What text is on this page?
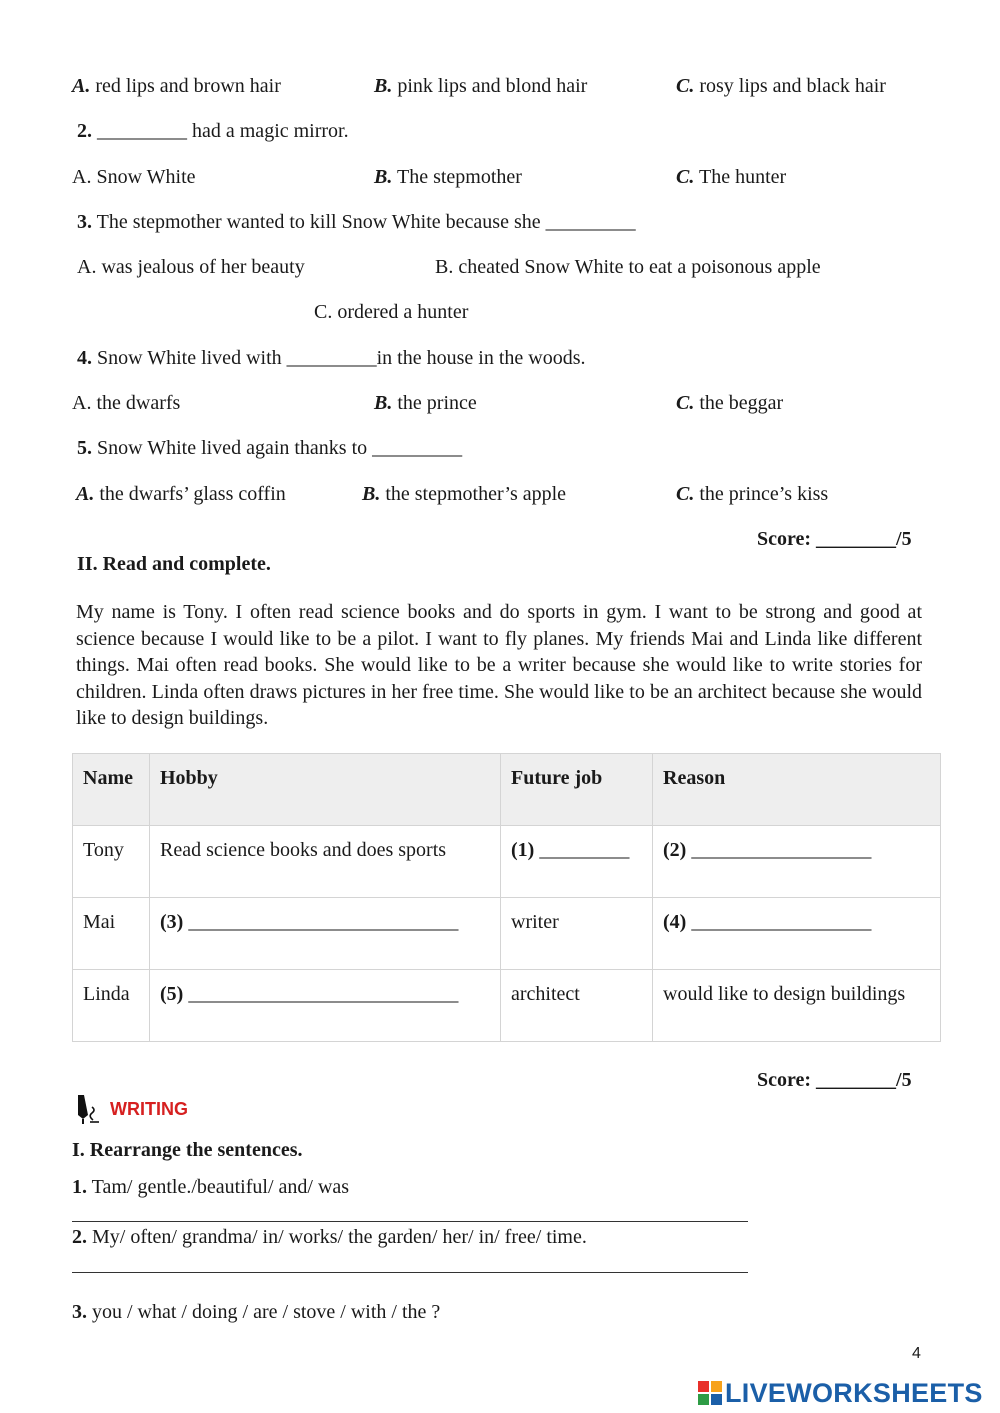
A. red lips and brown hair	B. pink lips and blond hair	C. rosy lips and black hair
2. _________ had a magic mirror.
A. Snow White	B. The stepmother	C. The hunter
3. The stepmother wanted to kill Snow White because she _________
A. was jealous of her beauty	B. cheated Snow White to eat a poisonous apple
C. ordered a hunter
4. Snow White lived with _________in the house in the woods.
A. the dwarfs	B. the prince	C. the beggar
5. Snow White lived again thanks to _________
A. the dwarfs’ glass coffin	B. the stepmother’s apple	C. the prince’s kiss
Score: ________/5
II. Read and complete.
My name is Tony. I often read science books and do sports in gym. I want to be strong and good at science because I would like to be a pilot. I want to fly planes. My friends Mai and Linda like different things. Mai often read books. She would like to be a writer because she would like to write stories for children. Linda often draws pictures in her free time. She would like to be an architect because she would like to design buildings.
Name	Hobby	Future job	Reason
Tony	Read science books and does sports	(1) _________	(2) __________________
Mai	(3) ___________________________	writer	(4) __________________
Linda	(5) ___________________________	architect	would like to design buildings
Score: ________/5
WRITING
I. Rearrange the sentences.
1. Tam/ gentle./beautiful/ and/ was
2. My/ often/ grandma/ in/ works/ the garden/ her/ in/ free/ time.
3. you / what / doing / are / stove / with / the ?
4
LIVEWORKSHEETS
